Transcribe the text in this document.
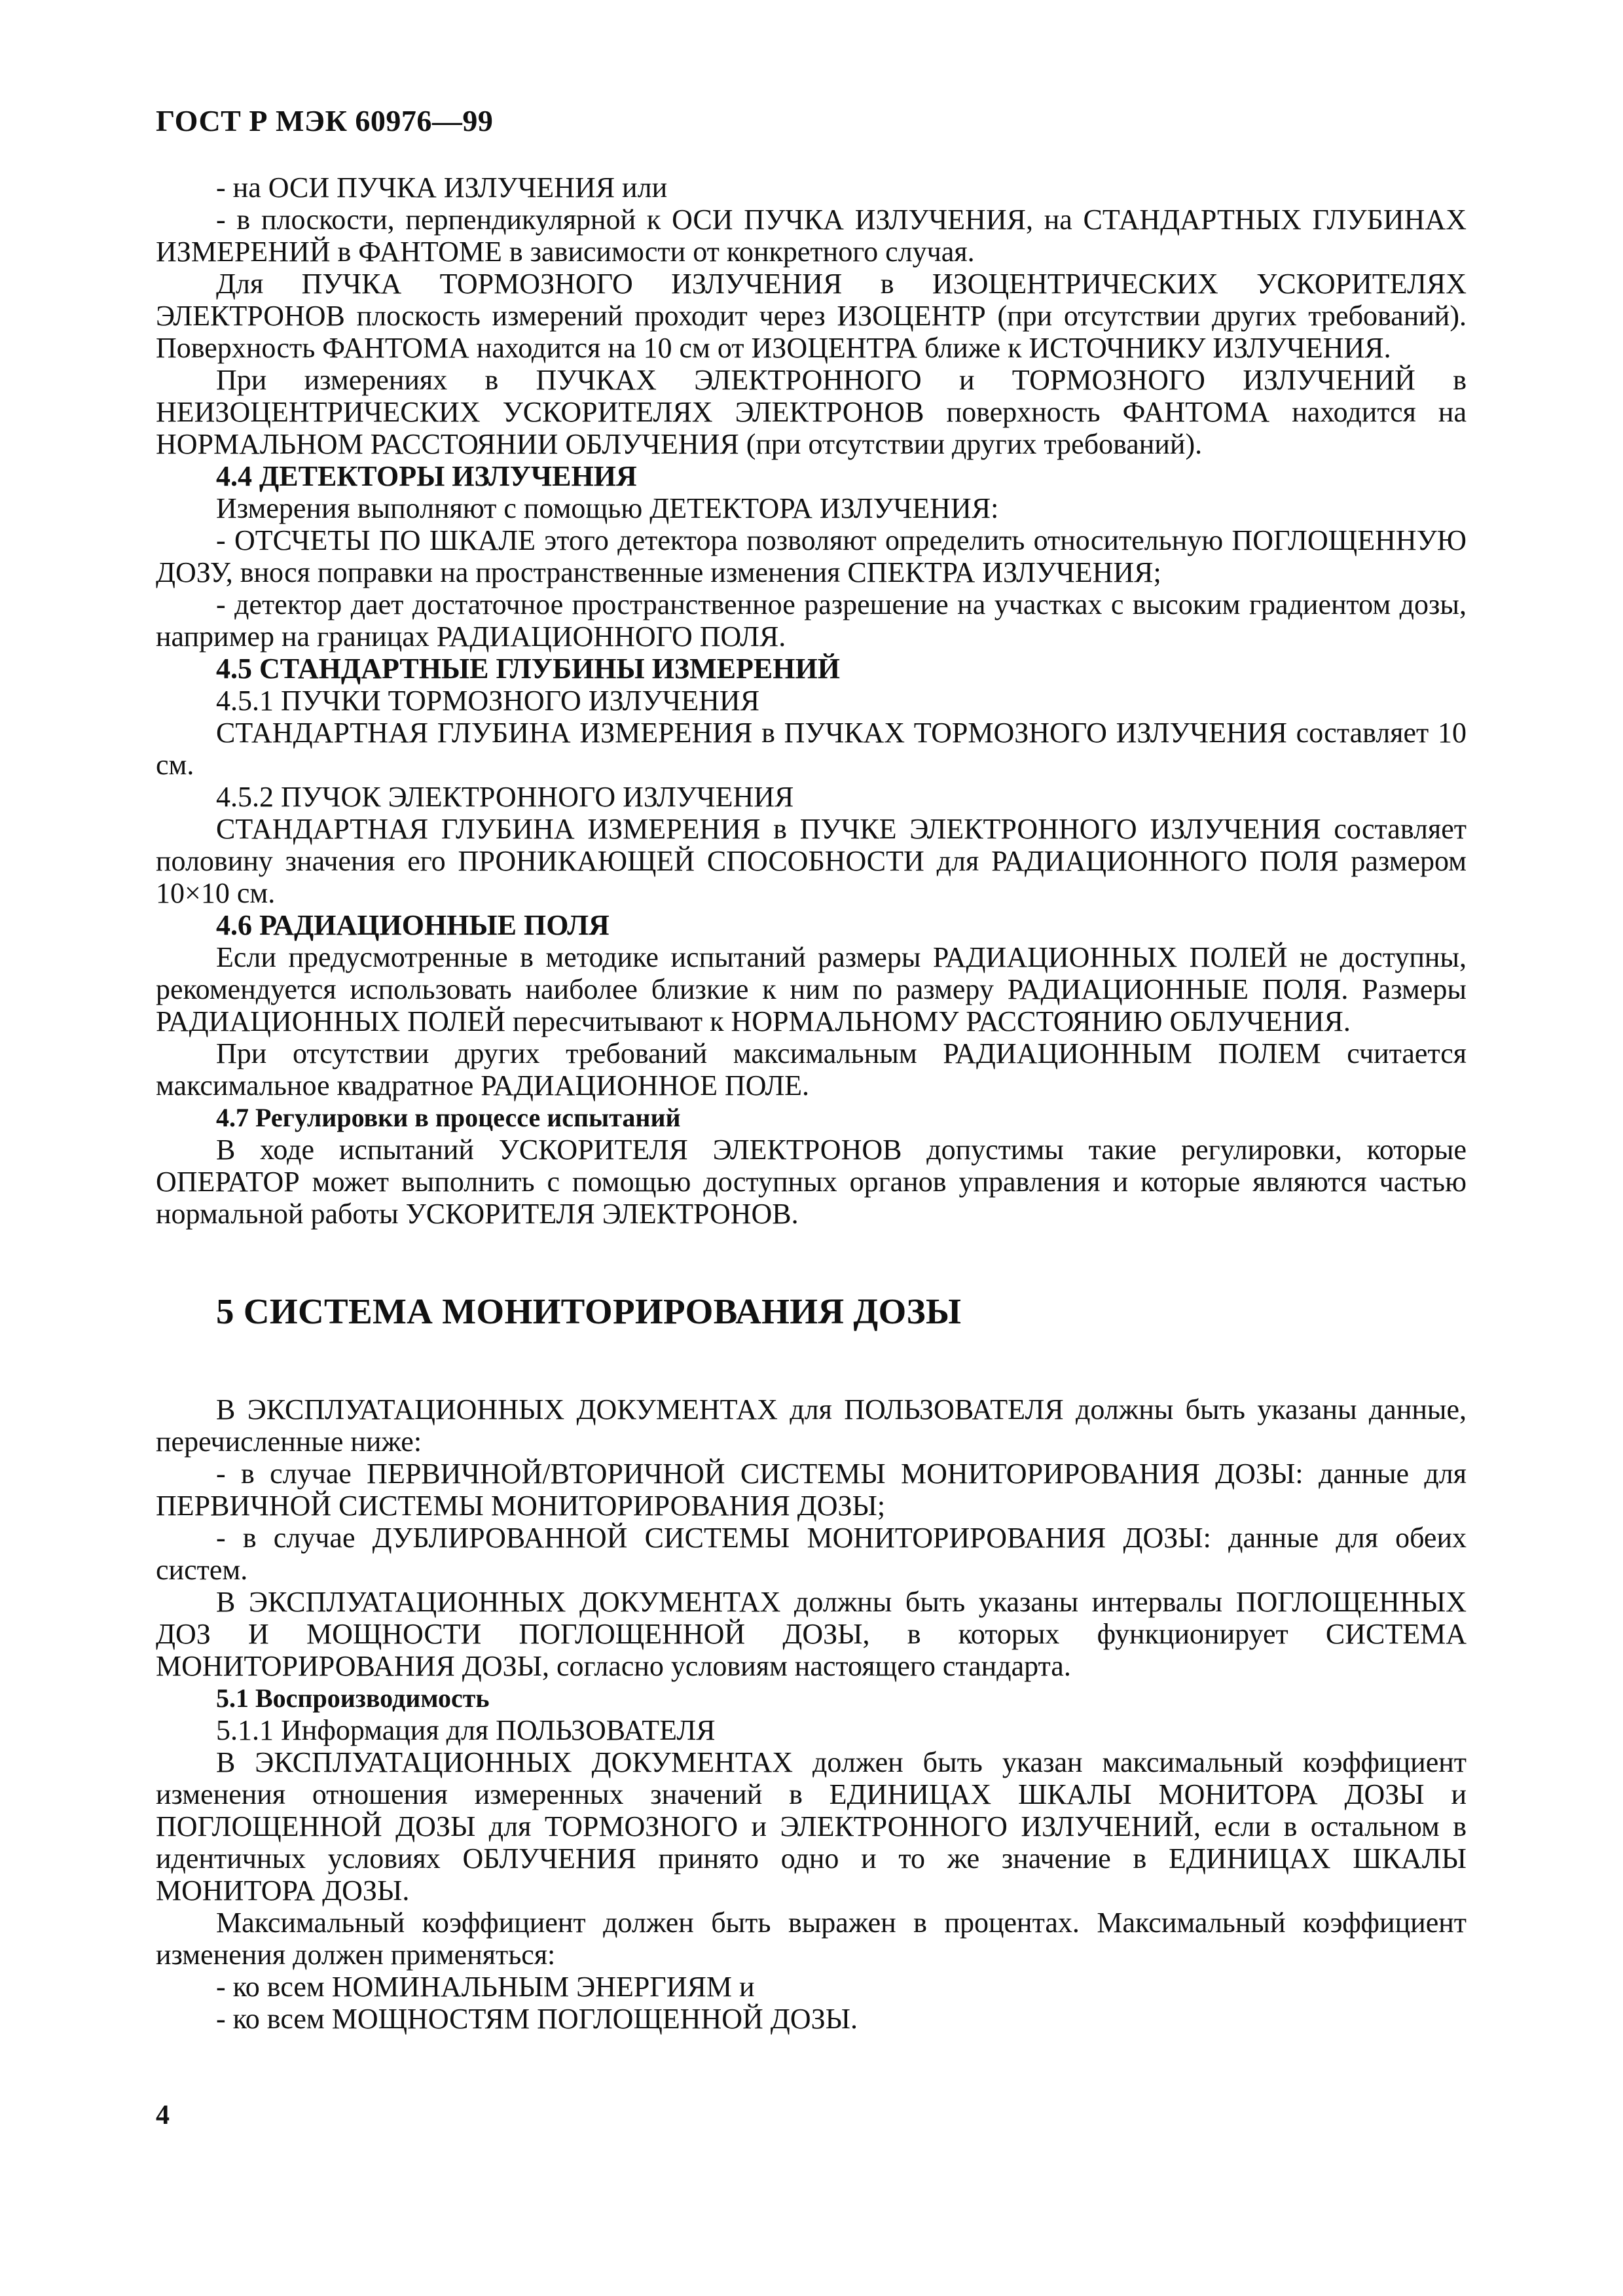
ГОСТ Р МЭК 60976—99

- на ОСИ ПУЧКА ИЗЛУЧЕНИЯ или

- в плоскости, перпендикулярной к ОСИ ПУЧКА ИЗЛУЧЕНИЯ, на СТАНДАРТНЫХ ГЛУБИНАХ ИЗМЕРЕНИЙ в ФАНТОМЕ в зависимости от конкретного случая.

Для ПУЧКА ТОРМОЗНОГО ИЗЛУЧЕНИЯ в ИЗОЦЕНТРИЧЕСКИХ УСКОРИТЕЛЯХ ЭЛЕКТРОНОВ плоскость измерений проходит через ИЗОЦЕНТР (при отсутствии других требований). Поверхность ФАНТОМА находится на 10 см от ИЗОЦЕНТРА ближе к ИСТОЧНИКУ ИЗЛУЧЕНИЯ.

При измерениях в ПУЧКАХ ЭЛЕКТРОННОГО и ТОРМОЗНОГО ИЗЛУЧЕНИЙ в НЕИЗОЦЕНТРИЧЕСКИХ УСКОРИТЕЛЯХ ЭЛЕКТРОНОВ поверхность ФАНТОМА находится на НОРМАЛЬНОМ РАССТОЯНИИ ОБЛУЧЕНИЯ (при отсутствии других требований).

4.4 ДЕТЕКТОРЫ ИЗЛУЧЕНИЯ

Измерения выполняют с помощью ДЕТЕКТОРА ИЗЛУЧЕНИЯ:

- ОТСЧЕТЫ ПО ШКАЛЕ этого детектора позволяют определить относительную ПОГЛОЩЕННУЮ ДОЗУ, внося поправки на пространственные изменения СПЕКТРА ИЗЛУЧЕНИЯ;

- детектор дает достаточное пространственное разрешение на участках с высоким градиентом дозы, например на границах РАДИАЦИОННОГО ПОЛЯ.

4.5 СТАНДАРТНЫЕ ГЛУБИНЫ ИЗМЕРЕНИЙ

4.5.1 ПУЧКИ ТОРМОЗНОГО ИЗЛУЧЕНИЯ

СТАНДАРТНАЯ ГЛУБИНА ИЗМЕРЕНИЯ в ПУЧКАХ ТОРМОЗНОГО ИЗЛУЧЕНИЯ составляет 10 см.

4.5.2 ПУЧОК ЭЛЕКТРОННОГО ИЗЛУЧЕНИЯ

СТАНДАРТНАЯ ГЛУБИНА ИЗМЕРЕНИЯ в ПУЧКЕ ЭЛЕКТРОННОГО ИЗЛУЧЕНИЯ составляет половину значения его ПРОНИКАЮЩЕЙ СПОСОБНОСТИ для РАДИАЦИОННОГО ПОЛЯ размером 10×10 см.

4.6 РАДИАЦИОННЫЕ ПОЛЯ

Если предусмотренные в методике испытаний размеры РАДИАЦИОННЫХ ПОЛЕЙ не доступны, рекомендуется использовать наиболее близкие к ним по размеру РАДИАЦИОННЫЕ ПОЛЯ. Размеры РАДИАЦИОННЫХ ПОЛЕЙ пересчитывают к НОРМАЛЬНОМУ РАССТОЯНИЮ ОБЛУЧЕНИЯ.

При отсутствии других требований максимальным РАДИАЦИОННЫМ ПОЛЕМ считается максимальное квадратное РАДИАЦИОННОЕ ПОЛЕ.

4.7 Регулировки в процессе испытаний

В ходе испытаний УСКОРИТЕЛЯ ЭЛЕКТРОНОВ допустимы такие регулировки, которые ОПЕРАТОР может выполнить с помощью доступных органов управления и которые являются частью нормальной работы УСКОРИТЕЛЯ ЭЛЕКТРОНОВ.

5 СИСТЕМА МОНИТОРИРОВАНИЯ ДОЗЫ

В ЭКСПЛУАТАЦИОННЫХ ДОКУМЕНТАХ для ПОЛЬЗОВАТЕЛЯ должны быть указаны данные, перечисленные ниже:

- в случае ПЕРВИЧНОЙ/ВТОРИЧНОЙ СИСТЕМЫ МОНИТОРИРОВАНИЯ ДОЗЫ: данные для ПЕРВИЧНОЙ СИСТЕМЫ МОНИТОРИРОВАНИЯ ДОЗЫ;

- в случае ДУБЛИРОВАННОЙ СИСТЕМЫ МОНИТОРИРОВАНИЯ ДОЗЫ: данные для обеих систем.

В ЭКСПЛУАТАЦИОННЫХ ДОКУМЕНТАХ должны быть указаны интервалы ПОГЛОЩЕННЫХ ДОЗ И МОЩНОСТИ ПОГЛОЩЕННОЙ ДОЗЫ, в которых функционирует СИСТЕМА МОНИТОРИРОВАНИЯ ДОЗЫ, согласно условиям настоящего стандарта.

5.1 Воспроизводимость

5.1.1 Информация для ПОЛЬЗОВАТЕЛЯ

В ЭКСПЛУАТАЦИОННЫХ ДОКУМЕНТАХ должен быть указан максимальный коэффициент изменения отношения измеренных значений в ЕДИНИЦАХ ШКАЛЫ МОНИТОРА ДОЗЫ и ПОГЛОЩЕННОЙ ДОЗЫ для ТОРМОЗНОГО и ЭЛЕКТРОННОГО ИЗЛУЧЕНИЙ, если в остальном в идентичных условиях ОБЛУЧЕНИЯ принято одно и то же значение в ЕДИНИЦАХ ШКАЛЫ МОНИТОРА ДОЗЫ.

Максимальный коэффициент должен быть выражен в процентах. Максимальный коэффициент изменения должен применяться:

- ко всем НОМИНАЛЬНЫМ ЭНЕРГИЯМ и

- ко всем МОЩНОСТЯМ ПОГЛОЩЕННОЙ ДОЗЫ.

4
